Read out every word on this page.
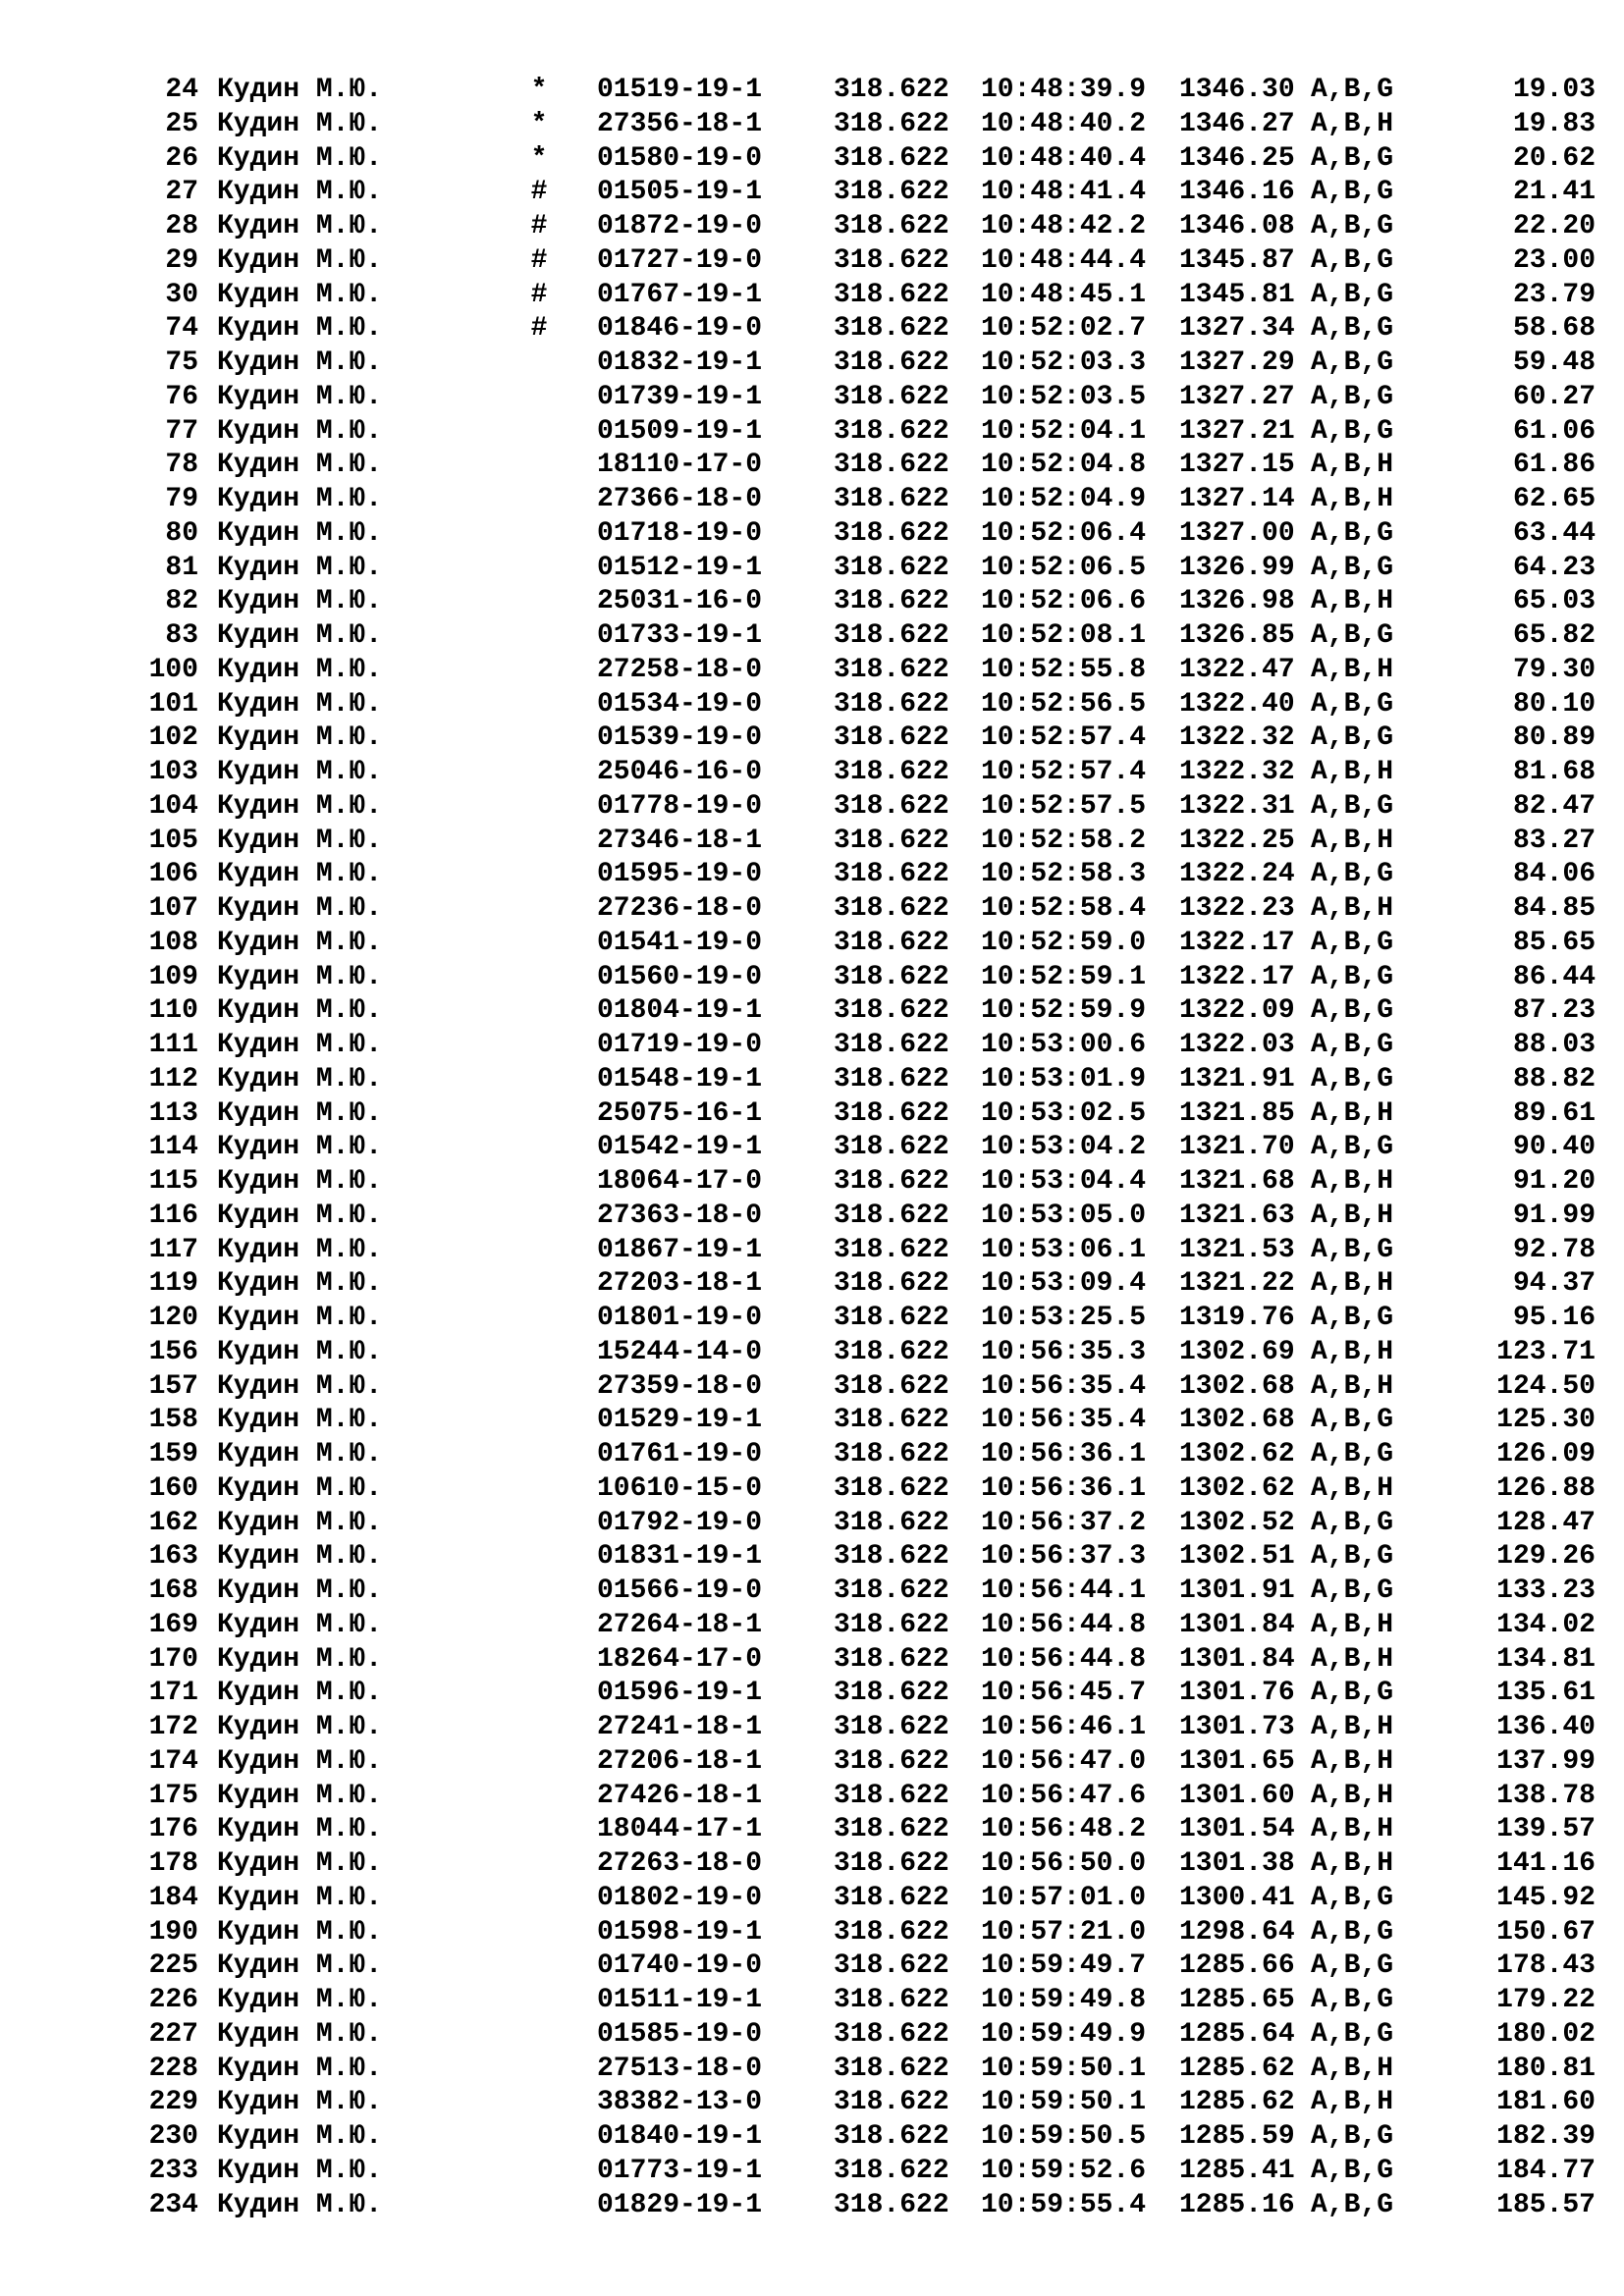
24 Кудин М.Ю.	* 01519-19-1	318.622 10:48:39.9 1346.30 A,B,G	19.03
25 Кудин М.Ю.	* 27356-18-1	318.622 10:48:40.2 1346.27 A,B,H	19.83
26 Кудин М.Ю.	* 01580-19-0	318.622 10:48:40.4 1346.25 A,B,G	20.62
27 Кудин М.Ю.	# 01505-19-1	318.622 10:48:41.4 1346.16 A,B,G	21.41
28 Кудин М.Ю.	# 01872-19-0	318.622 10:48:42.2 1346.08 A,B,G	22.20
29 Кудин М.Ю.	# 01727-19-0	318.622 10:48:44.4 1345.87 A,B,G	23.00
30 Кудин М.Ю.	# 01767-19-1	318.622 10:48:45.1 1345.81 A,B,G	23.79
74 Кудин М.Ю.	# 01846-19-0	318.622 10:52:02.7 1327.34 A,B,G	58.68
75 Кудин М.Ю.	01832-19-1	318.622 10:52:03.3 1327.29 A,B,G	59.48
76 Кудин М.Ю.	01739-19-1	318.622 10:52:03.5 1327.27 A,B,G	60.27
77 Кудин М.Ю.	01509-19-1	318.622 10:52:04.1 1327.21 A,B,G	61.06
78 Кудин М.Ю.	18110-17-0	318.622 10:52:04.8 1327.15 A,B,H	61.86
79 Кудин М.Ю.	27366-18-0	318.622 10:52:04.9 1327.14 A,B,H	62.65
80 Кудин М.Ю.	01718-19-0	318.622 10:52:06.4 1327.00 A,B,G	63.44
81 Кудин М.Ю.	01512-19-1	318.622 10:52:06.5 1326.99 A,B,G	64.23
82 Кудин М.Ю.	25031-16-0	318.622 10:52:06.6 1326.98 A,B,H	65.03
83 Кудин М.Ю.	01733-19-1	318.622 10:52:08.1 1326.85 A,B,G	65.82
100 Кудин М.Ю.	27258-18-0	318.622 10:52:55.8 1322.47 A,B,H	79.30
101 Кудин М.Ю.	01534-19-0	318.622 10:52:56.5 1322.40 A,B,G	80.10
102 Кудин М.Ю.	01539-19-0	318.622 10:52:57.4 1322.32 A,B,G	80.89
103 Кудин М.Ю.	25046-16-0	318.622 10:52:57.4 1322.32 A,B,H	81.68
104 Кудин М.Ю.	01778-19-0	318.622 10:52:57.5 1322.31 A,B,G	82.47
105 Кудин М.Ю.	27346-18-1	318.622 10:52:58.2 1322.25 A,B,H	83.27
106 Кудин М.Ю.	01595-19-0	318.622 10:52:58.3 1322.24 A,B,G	84.06
107 Кудин М.Ю.	27236-18-0	318.622 10:52:58.4 1322.23 A,B,H	84.85
108 Кудин М.Ю.	01541-19-0	318.622 10:52:59.0 1322.17 A,B,G	85.65
109 Кудин М.Ю.	01560-19-0	318.622 10:52:59.1 1322.17 A,B,G	86.44
110 Кудин М.Ю.	01804-19-1	318.622 10:52:59.9 1322.09 A,B,G	87.23
111 Кудин М.Ю.	01719-19-0	318.622 10:53:00.6 1322.03 A,B,G	88.03
112 Кудин М.Ю.	01548-19-1	318.622 10:53:01.9 1321.91 A,B,G	88.82
113 Кудин М.Ю.	25075-16-1	318.622 10:53:02.5 1321.85 A,B,H	89.61
114 Кудин М.Ю.	01542-19-1	318.622 10:53:04.2 1321.70 A,B,G	90.40
115 Кудин М.Ю.	18064-17-0	318.622 10:53:04.4 1321.68 A,B,H	91.20
116 Кудин М.Ю.	27363-18-0	318.622 10:53:05.0 1321.63 A,B,H	91.99
117 Кудин М.Ю.	01867-19-1	318.622 10:53:06.1 1321.53 A,B,G	92.78
119 Кудин М.Ю.	27203-18-1	318.622 10:53:09.4 1321.22 A,B,H	94.37
120 Кудин М.Ю.	01801-19-0	318.622 10:53:25.5 1319.76 A,B,G	95.16
156 Кудин М.Ю.	15244-14-0	318.622 10:56:35.3 1302.69 A,B,H	123.71
157 Кудин М.Ю.	27359-18-0	318.622 10:56:35.4 1302.68 A,B,H	124.50
158 Кудин М.Ю.	01529-19-1	318.622 10:56:35.4 1302.68 A,B,G	125.30
159 Кудин М.Ю.	01761-19-0	318.622 10:56:36.1 1302.62 A,B,G	126.09
160 Кудин М.Ю.	10610-15-0	318.622 10:56:36.1 1302.62 A,B,H	126.88
162 Кудин М.Ю.	01792-19-0	318.622 10:56:37.2 1302.52 A,B,G	128.47
163 Кудин М.Ю.	01831-19-1	318.622 10:56:37.3 1302.51 A,B,G	129.26
168 Кудин М.Ю.	01566-19-0	318.622 10:56:44.1 1301.91 A,B,G	133.23
169 Кудин М.Ю.	27264-18-1	318.622 10:56:44.8 1301.84 A,B,H	134.02
170 Кудин М.Ю.	18264-17-0	318.622 10:56:44.8 1301.84 A,B,H	134.81
171 Кудин М.Ю.	01596-19-1	318.622 10:56:45.7 1301.76 A,B,G	135.61
172 Кудин М.Ю.	27241-18-1	318.622 10:56:46.1 1301.73 A,B,H	136.40
174 Кудин М.Ю.	27206-18-1	318.622 10:56:47.0 1301.65 A,B,H	137.99
175 Кудин М.Ю.	27426-18-1	318.622 10:56:47.6 1301.60 A,B,H	138.78
176 Кудин М.Ю.	18044-17-1	318.622 10:56:48.2 1301.54 A,B,H	139.57
178 Кудин М.Ю.	27263-18-0	318.622 10:56:50.0 1301.38 A,B,H	141.16
184 Кудин М.Ю.	01802-19-0	318.622 10:57:01.0 1300.41 A,B,G	145.92
190 Кудин М.Ю.	01598-19-1	318.622 10:57:21.0 1298.64 A,B,G	150.67
225 Кудин М.Ю.	01740-19-0	318.622 10:59:49.7 1285.66 A,B,G	178.43
226 Кудин М.Ю.	01511-19-1	318.622 10:59:49.8 1285.65 A,B,G	179.22
227 Кудин М.Ю.	01585-19-0	318.622 10:59:49.9 1285.64 A,B,G	180.02
228 Кудин М.Ю.	27513-18-0	318.622 10:59:50.1 1285.62 A,B,H	180.81
229 Кудин М.Ю.	38382-13-0	318.622 10:59:50.1 1285.62 A,B,H	181.60
230 Кудин М.Ю.	01840-19-1	318.622 10:59:50.5 1285.59 A,B,G	182.39
233 Кудин М.Ю.	01773-19-1	318.622 10:59:52.6 1285.41 A,B,G	184.77
234 Кудин М.Ю.	01829-19-1	318.622 10:59:55.4 1285.16 A,B,G	185.57
